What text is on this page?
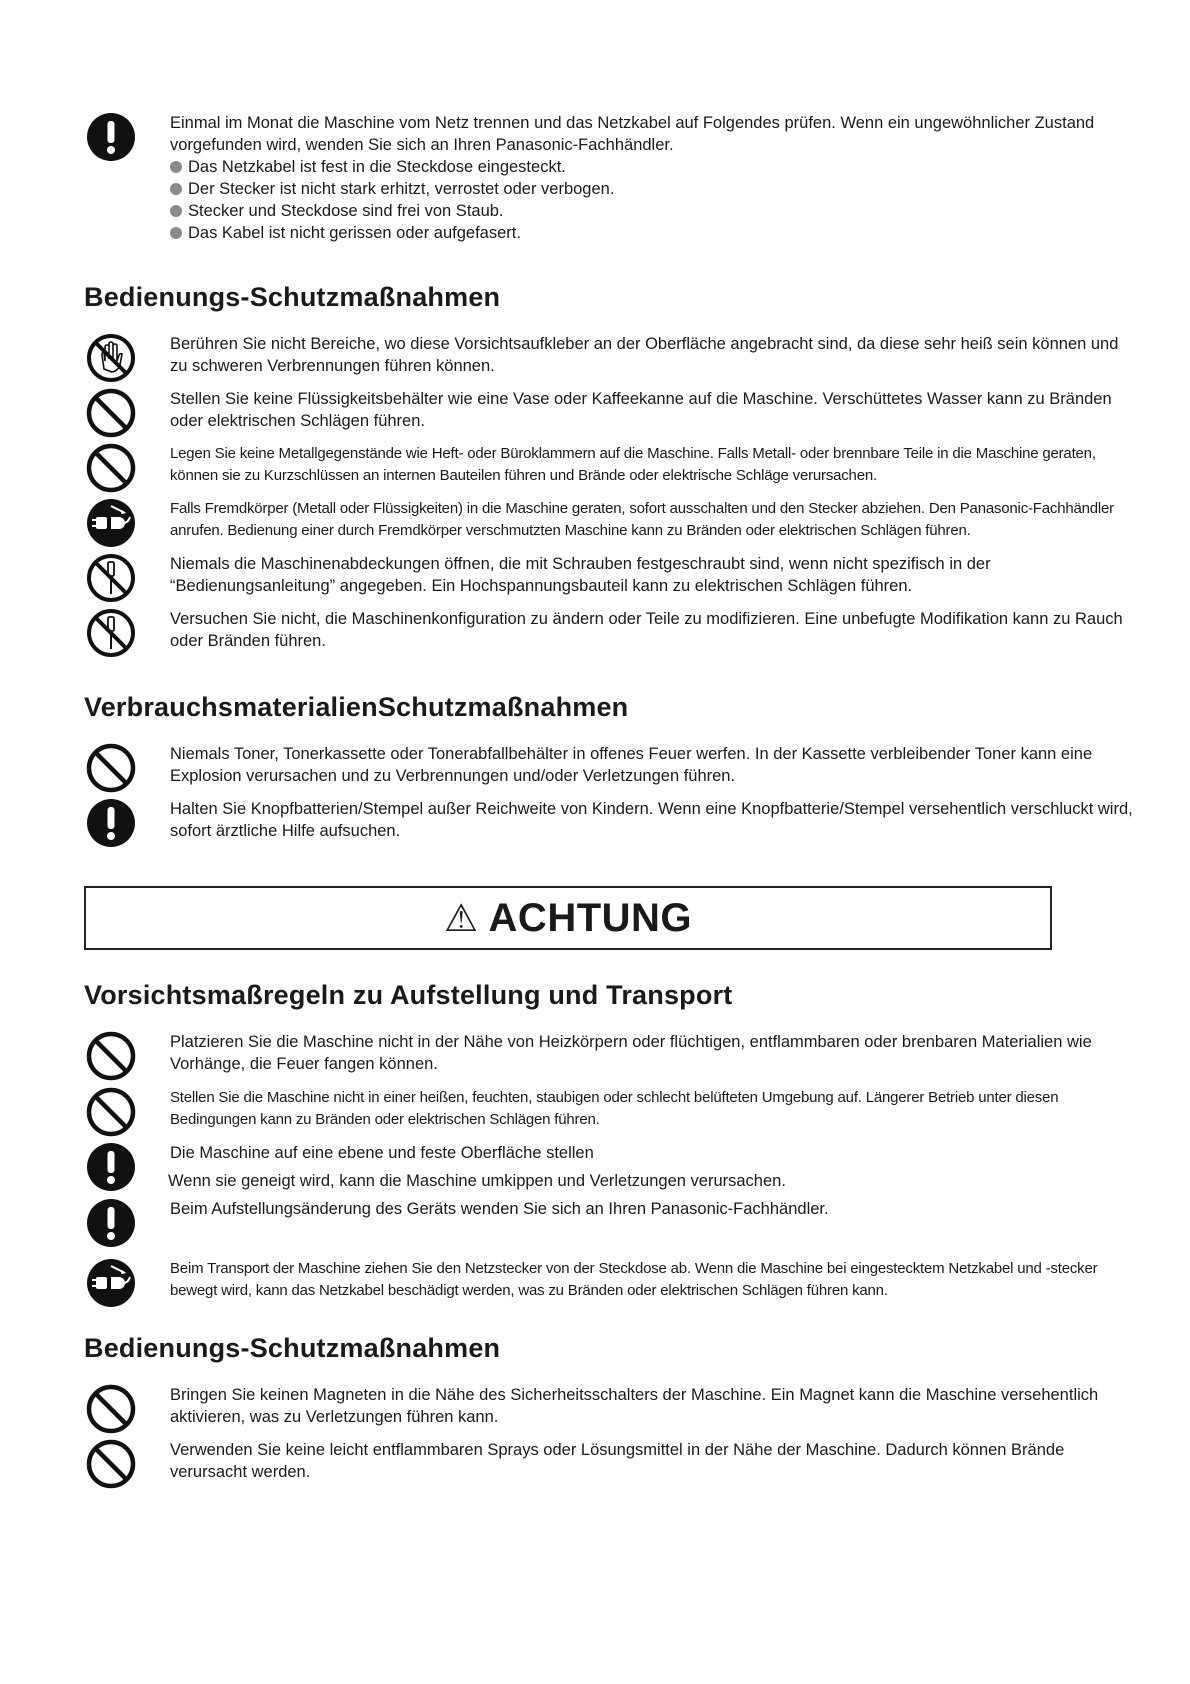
Einmal im Monat die Maschine vom Netz trennen und das Netzkabel auf Folgendes prüfen. Wenn ein ungewöhnlicher Zustand vorgefunden wird, wenden Sie sich an Ihren Panasonic-Fachhändler.
Das Netzkabel ist fest in die Steckdose eingesteckt.
Der Stecker ist nicht stark erhitzt, verrostet oder verbogen.
Stecker und Steckdose sind frei von Staub.
Das Kabel ist nicht gerissen oder aufgefasert.
Bedienungs-Schutzmaßnahmen
Berühren Sie nicht Bereiche, wo diese Vorsichtsaufkleber an der Oberfläche angebracht sind, da diese sehr heiß sein können und zu schweren Verbrennungen führen können.
Stellen Sie keine Flüssigkeitsbehälter wie eine Vase oder Kaffeekanne auf die Maschine. Verschüttetes Wasser kann zu Bränden oder elektrischen Schlägen führen.
Legen Sie keine Metallgegenstände wie Heft- oder Büroklammern auf die Maschine. Falls Metall- oder brennbare Teile in die Maschine geraten, können sie zu Kurzschlüssen an internen Bauteilen führen und Brände oder elektrische Schläge verursachen.
Falls Fremdkörper (Metall oder Flüssigkeiten) in die Maschine geraten, sofort ausschalten und den Stecker abziehen. Den Panasonic-Fachhändler anrufen. Bedienung einer durch Fremdkörper verschmutzten Maschine kann zu Bränden oder elektrischen Schlägen führen.
Niemals die Maschinenabdeckungen öffnen, die mit Schrauben festgeschraubt sind, wenn nicht spezifisch in der “Bedienungsanleitung” angegeben. Ein Hochspannungsbauteil kann zu elektrischen Schlägen führen.
Versuchen Sie nicht, die Maschinenkonfiguration zu ändern oder Teile zu modifizieren. Eine unbefugte Modifikation kann zu Rauch oder Bränden führen.
VerbrauchsmaterialienSchutzmaßnahmen
Niemals Toner, Tonerkassette oder Tonerabfallbehälter in offenes Feuer werfen. In der Kassette verbleibender Toner kann eine Explosion verursachen und zu Verbrennungen und/oder Verletzungen führen.
Halten Sie Knopfbatterien/Stempel außer Reichweite von Kindern. Wenn eine Knopfbatterie/Stempel versehentlich verschluckt wird, sofort ärztliche Hilfe aufsuchen.
⚠ ACHTUNG
Vorsichtsmaßregeln zu Aufstellung und Transport
Platzieren Sie die Maschine nicht in der Nähe von Heizkörpern oder flüchtigen, entflammbaren oder brenbaren Materialien wie Vorhänge, die Feuer fangen können.
Stellen Sie die Maschine nicht in einer heißen, feuchten, staubigen oder schlecht belüfteten Umgebung auf. Längerer Betrieb unter diesen Bedingungen kann zu Bränden oder elektrischen Schlägen führen.
Die Maschine auf eine ebene und feste Oberfläche stellen
Wenn sie geneigt wird, kann die Maschine umkippen und Verletzungen verursachen.
Beim Aufstellungsänderung des Geräts wenden Sie sich an Ihren Panasonic-Fachhändler.
Beim Transport der Maschine ziehen Sie den Netzstecker von der Steckdose ab. Wenn die Maschine bei eingestecktem Netzkabel und -stecker bewegt wird, kann das Netzkabel beschädigt werden, was zu Bränden oder elektrischen Schlägen führen kann.
Bedienungs-Schutzmaßnahmen
Bringen Sie keinen Magneten in die Nähe des Sicherheitsschalters der Maschine. Ein Magnet kann die Maschine versehentlich aktivieren, was zu Verletzungen führen kann.
Verwenden Sie keine leicht entflammbaren Sprays oder Lösungsmittel in der Nähe der Maschine. Dadurch können Brände verursacht werden.
